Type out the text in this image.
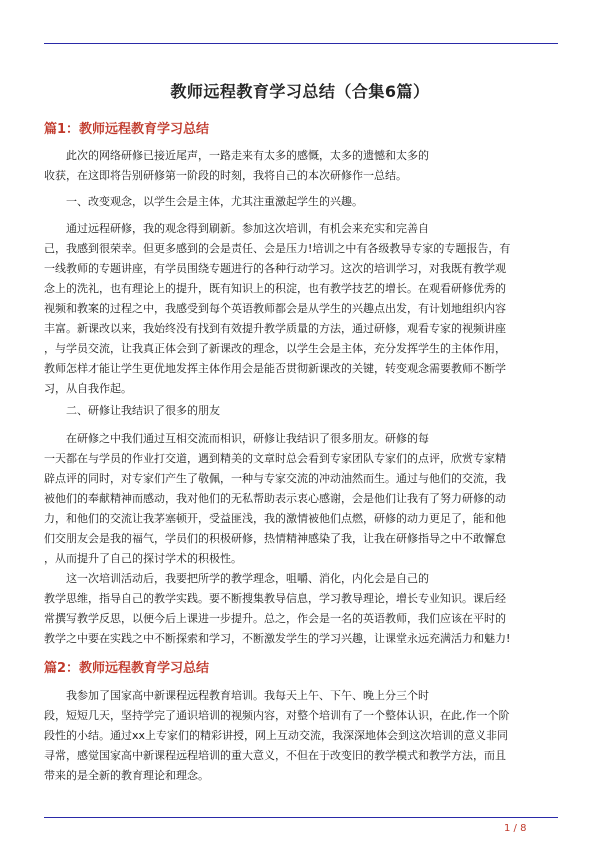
教师远程教育学习总结（合集6篇）
篇1：教师远程教育学习总结
　　此次的网络研修已接近尾声，一路走来有太多的感慨，太多的遗憾和太多的
收获，在这即将告别研修第一阶段的时刻，我将自己的本次研修作一总结。
　　一、改变观念，以学生会是主体，尤其注重激起学生的兴趣。
　　通过远程研修，我的观念得到刷新。参加这次培训，有机会来充实和完善自
己，我感到很荣幸。但更多感到的会是责任、会是压力!培训之中有各级教导专家的专题报告，有
一线教师的专题讲座，有学员围绕专题进行的各种行动学习。这次的培训学习，对我既有教学观
念上的洗礼，也有理论上的提升，既有知识上的积淀，也有教学技艺的增长。在观看研修优秀的
视频和教案的过程之中，我感受到每个英语教师都会是从学生的兴趣点出发，有计划地组织内容
丰富。新课改以来，我始终没有找到有效提升教学质量的方法，通过研修，观看专家的视频讲座
，与学员交流，让我真正体会到了新课改的理念，以学生会是主体，充分发挥学生的主体作用，
教师怎样才能让学生更优地发挥主体作用会是能否贯彻新课改的关键，转变观念需要教师不断学
习，从自我作起。
　　二、研修让我结识了很多的朋友
　　在研修之中我们通过互相交流而相识，研修让我结识了很多朋友。研修的每
一天都在与学员的作业打交道，遇到精美的文章时总会看到专家团队专家们的点评，欣赏专家精
辟点评的同时，对专家们产生了敬佩，一种与专家交流的冲动油然而生。通过与他们的交流，我
被他们的奉献精神而感动，我对他们的无私帮助表示衷心感谢，会是他们让我有了努力研修的动
力，和他们的交流让我茅塞顿开，受益匪浅，我的激情被他们点燃，研修的动力更足了，能和他
们交朋友会是我的福气，学员们的积极研修，热情精神感染了我，让我在研修指导之中不敢懈怠
，从而提升了自己的探讨学术的积极性。
　　这一次培训活动后，我要把所学的教学理念，咀嚼、消化，内化会是自己的
教学思维，指导自己的教学实践。要不断搜集教导信息，学习教导理论，增长专业知识。课后经
常撰写教学反思，以便今后上课进一步提升。总之，作会是一名的英语教师，我们应该在平时的
教学之中要在实践之中不断探索和学习，不断激发学生的学习兴趣，让课堂永远充满活力和魅力!
篇2：教师远程教育学习总结
　　我参加了国家高中新课程远程教育培训。我每天上午、下午、晚上分三个时
段，短短几天，坚持学完了通识培训的视频内容，对整个培训有了一个整体认识，在此,作一个阶
段性的小结。通过xx上专家们的精彩讲授，网上互动交流，我深深地体会到这次培训的意义非同
寻常，感觉国家高中新课程远程培训的重大意义，不但在于改变旧的教学模式和教学方法，而且
带来的是全新的教育理论和理念。
1 / 8
